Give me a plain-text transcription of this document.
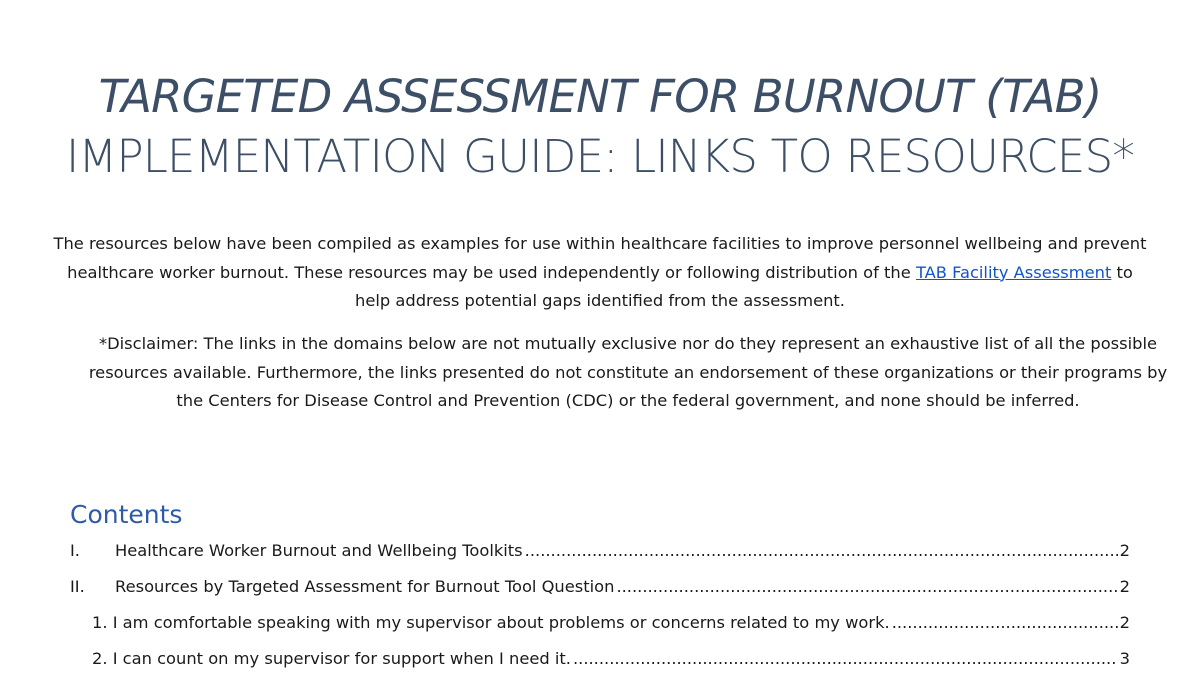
TARGETED ASSESSMENT FOR BURNOUT (TAB)
IMPLEMENTATION GUIDE: LINKS TO RESOURCES*

The resources below have been compiled as examples for use within healthcare facilities to improve personnel wellbeing and prevent healthcare worker burnout. These resources may be used independently or following distribution of the TAB Facility Assessment to help address potential gaps identified from the assessment.

*Disclaimer: The links in the domains below are not mutually exclusive nor do they represent an exhaustive list of all the possible resources available. Furthermore, the links presented do not constitute an endorsement of these organizations or their programs by the Centers for Disease Control and Prevention (CDC) or the federal government, and none should be inferred.
Contents
I.	Healthcare Worker Burnout and Wellbeing Toolkits .....	2
II.	Resources by Targeted Assessment for Burnout Tool Question .....	2
1. I am comfortable speaking with my supervisor about problems or concerns related to my work. .....	2
2. I can count on my supervisor for support when I need it. .....	3
